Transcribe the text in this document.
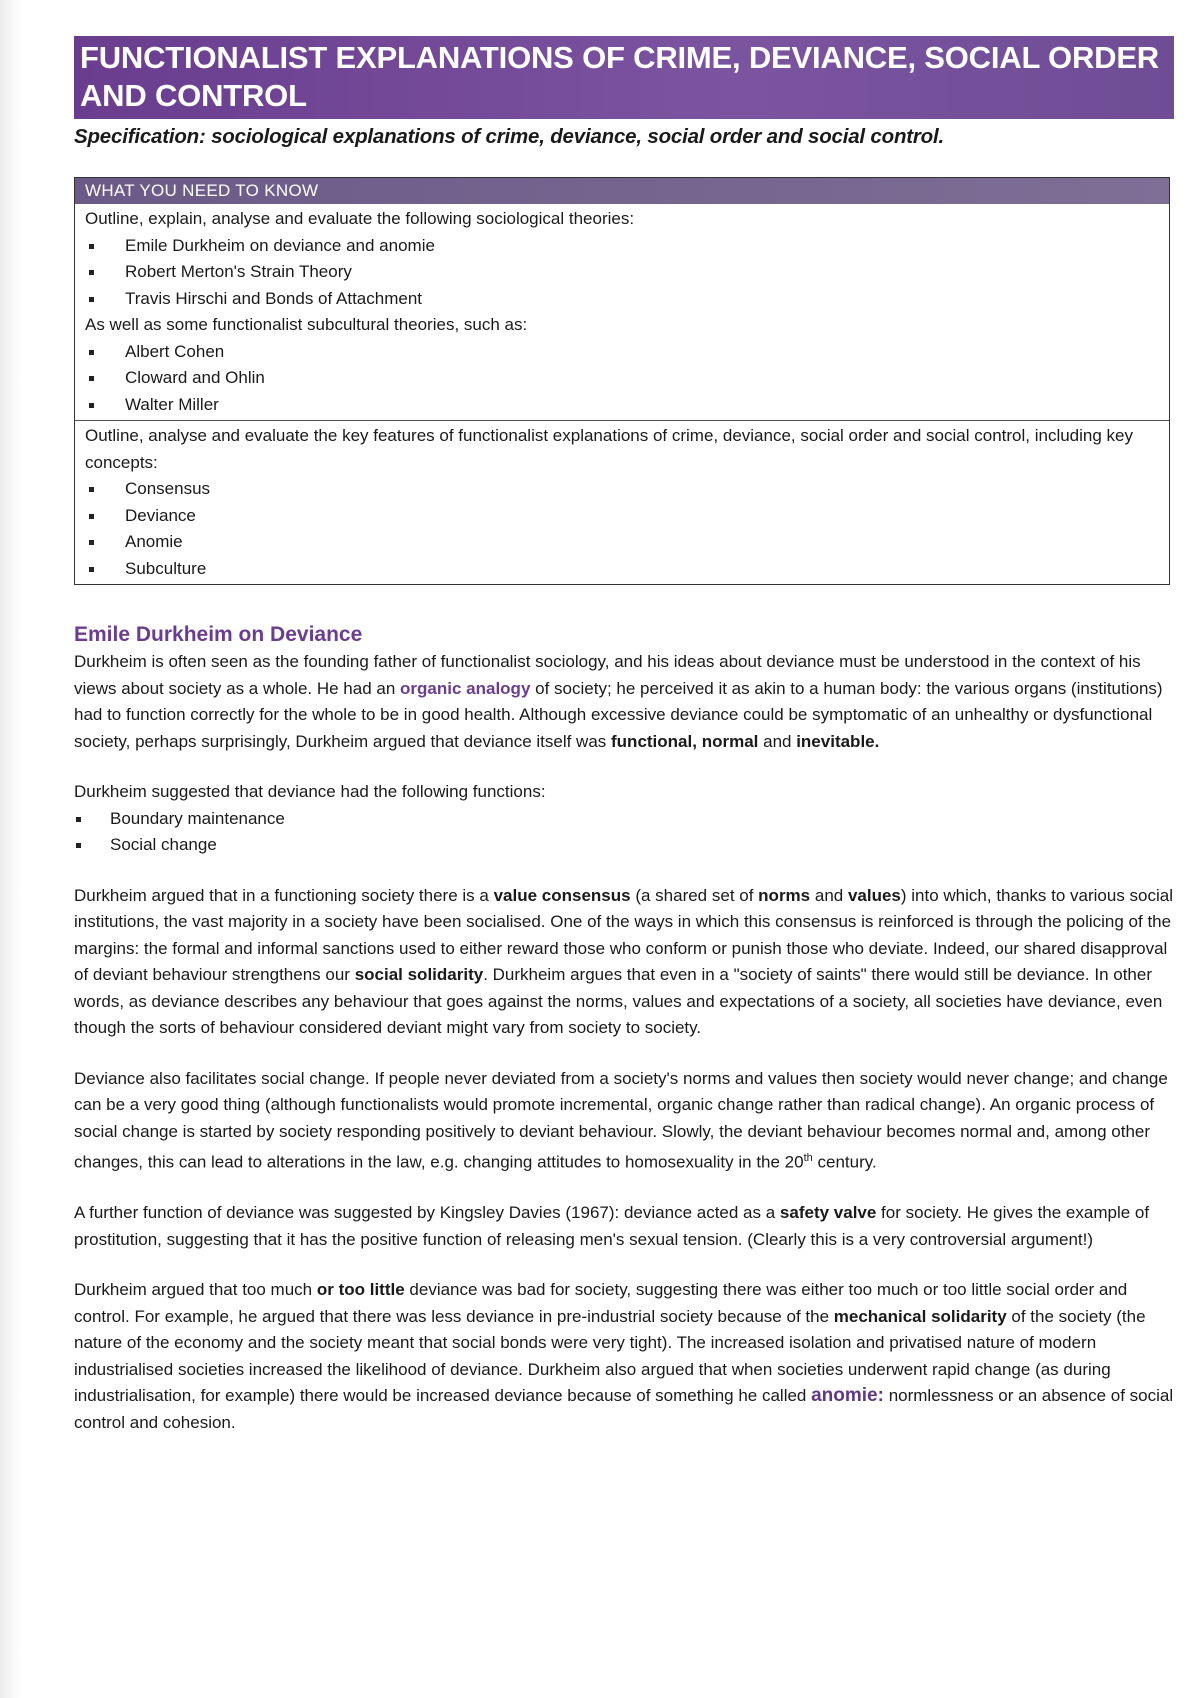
FUNCTIONALIST EXPLANATIONS OF CRIME, DEVIANCE, SOCIAL ORDER AND CONTROL
Specification: sociological explanations of crime, deviance, social order and social control.
WHAT YOU NEED TO KNOW
Outline, explain, analyse and evaluate the following sociological theories:
Emile Durkheim on deviance and anomie
Robert Merton's Strain Theory
Travis Hirschi and Bonds of Attachment
As well as some functionalist subcultural theories, such as:
Albert Cohen
Cloward and Ohlin
Walter Miller
Outline, analyse and evaluate the key features of functionalist explanations of crime, deviance, social order and social control, including key concepts:
Consensus
Deviance
Anomie
Subculture
Emile Durkheim on Deviance

Durkheim is often seen as the founding father of functionalist sociology, and his ideas about deviance must be understood in the context of his views about society as a whole. He had an organic analogy of society; he perceived it as akin to a human body: the various organs (institutions) had to function correctly for the whole to be in good health. Although excessive deviance could be symptomatic of an unhealthy or dysfunctional society, perhaps surprisingly, Durkheim argued that deviance itself was functional, normal and inevitable.

Durkheim suggested that deviance had the following functions:

Boundary maintenance
Social change

Durkheim argued that in a functioning society there is a value consensus (a shared set of norms and values) into which, thanks to various social institutions, the vast majority in a society have been socialised. One of the ways in which this consensus is reinforced is through the policing of the margins: the formal and informal sanctions used to either reward those who conform or punish those who deviate. Indeed, our shared disapproval of deviant behaviour strengthens our social solidarity. Durkheim argues that even in a "society of saints" there would still be deviance. In other words, as deviance describes any behaviour that goes against the norms, values and expectations of a society, all societies have deviance, even though the sorts of behaviour considered deviant might vary from society to society.

Deviance also facilitates social change. If people never deviated from a society's norms and values then society would never change; and change can be a very good thing (although functionalists would promote incremental, organic change rather than radical change). An organic process of social change is started by society responding positively to deviant behaviour. Slowly, the deviant behaviour becomes normal and, among other changes, this can lead to alterations in the law, e.g. changing attitudes to homosexuality in the 20th century.

A further function of deviance was suggested by Kingsley Davies (1967): deviance acted as a safety valve for society. He gives the example of prostitution, suggesting that it has the positive function of releasing men's sexual tension. (Clearly this is a very controversial argument!)

Durkheim argued that too much or too little deviance was bad for society, suggesting there was either too much or too little social order and control. For example, he argued that there was less deviance in pre-industrial society because of the mechanical solidarity of the society (the nature of the economy and the society meant that social bonds were very tight). The increased isolation and privatised nature of modern industrialised societies increased the likelihood of deviance. Durkheim also argued that when societies underwent rapid change (as during industrialisation, for example) there would be increased deviance because of something he called anomie: normlessness or an absence of social control and cohesion.
